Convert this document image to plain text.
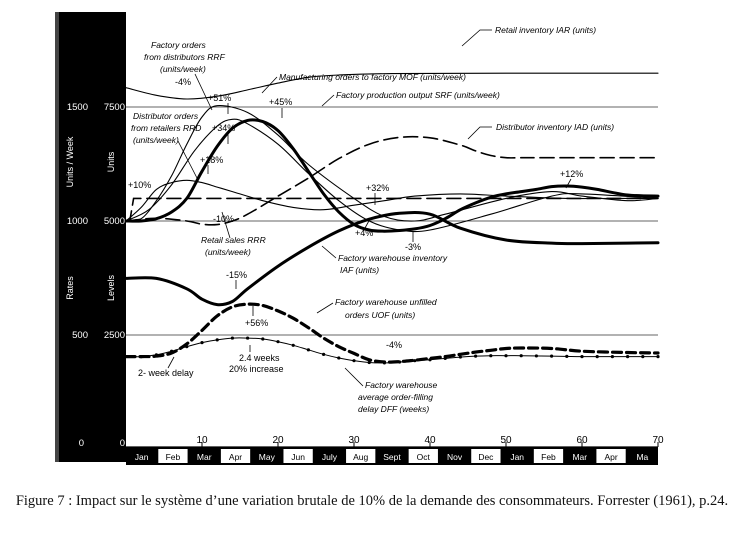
Units / Week
Rates
Units
Levels
0
500
1000
1500
0
2500
5000
7500
10	20	30	40	50	60	70
Jan Feb Mar Apr May Jun July Aug Sept Oct Nov Dec Jan Feb Mar Apr Ma
-4%
+51%	+45%
+34%
+18%
+10%
-10%
+32%
+4%
-3%
+12%
-15%
+56%
-4%
2.4 weeks
20% increase
2- week delay
Retail inventory IAR (units)
Factory orders
from distributors RRF
(units/week)
Manufacturing orders to factory MOF (units/week)
Factory production output SRF (units/week)
Distributor orders
from retailers RRD
(units/week)
Distributor inventory IAD (units)
Retail sales RRR
(units/week)
Factory warehouse inventory
IAF (units)
Factory warehouse unfilled
orders UOF (units)
Factory warehouse
average order-filling
delay DFF (weeks)
Figure 7 : Impact sur le système d’une variation brutale de 10% de la demande des consommateurs. Forrester (1961), p.24.
